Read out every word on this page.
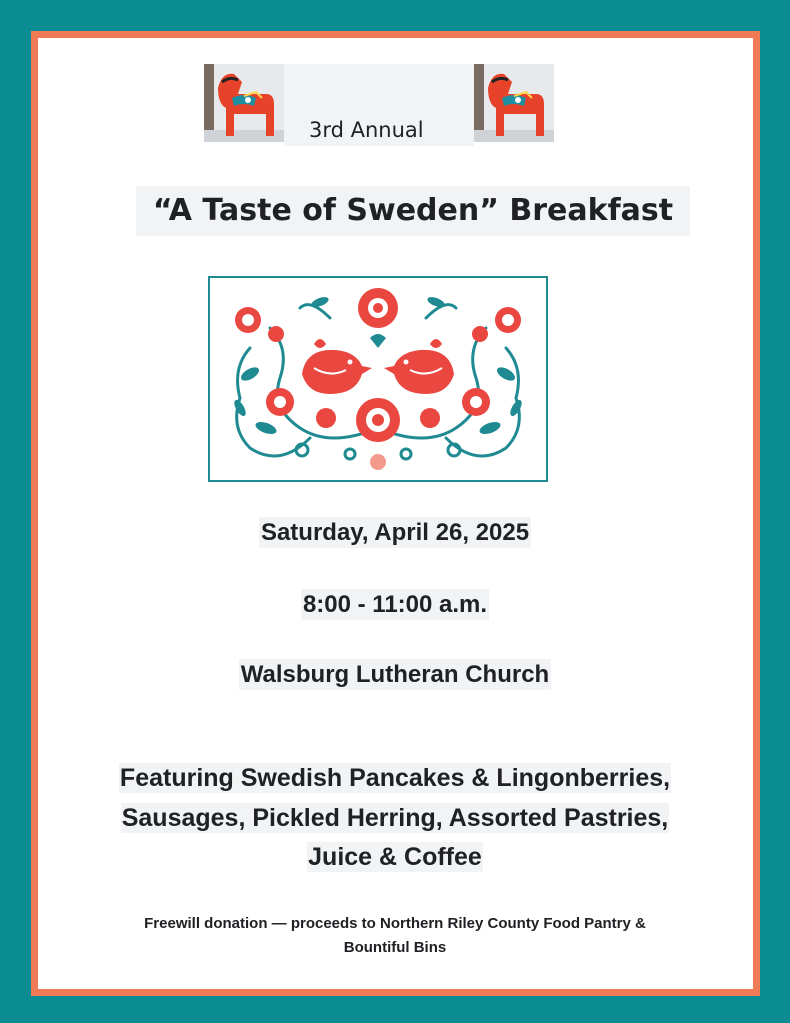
3rd Annual
“A Taste of Sweden” Breakfast
Saturday, April 26, 2025
8:00 - 11:00 a.m.
Walsburg Lutheran Church
Featuring Swedish Pancakes & Lingonberries,
Sausages, Pickled Herring, Assorted Pastries,
Juice & Coffee
Freewill donation — proceeds to Northern Riley County Food Pantry &
Bountiful Bins
